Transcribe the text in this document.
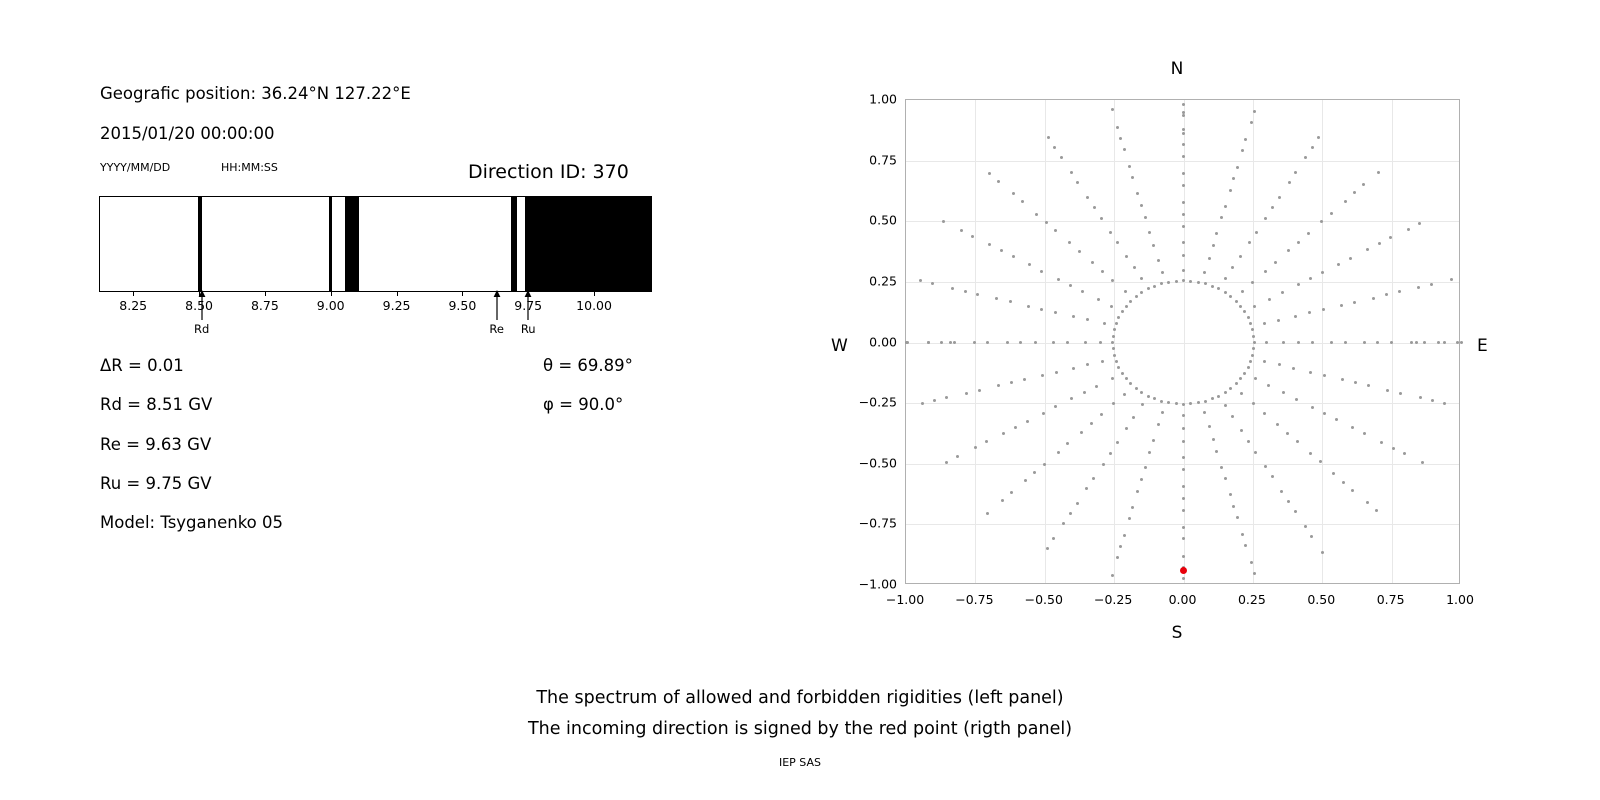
Geografic position: 36.24°N 127.22°E
2015/01/20 00:00:00
YYYY/MM/DD	HH:MM:SS	Direction ID: 370
8.25	8.50	8.75	9.00	9.25	9.50	9.75	10.00
Rd	Re Ru
ΔR = 0.01
Rd = 8.51 GV
Re = 9.63 GV
Ru = 9.75 GV
Model: Tsyganenko 05
θ = 69.89°
φ = 90.0°
−1.00 −0.75 −0.50 −0.25	0.00	0.25	0.50	0.75	1.00
−1.00
−0.75
−0.50
−0.25
0.00
0.25
0.50
0.75
1.00
N
S
W	E
The spectrum of allowed and forbidden rigidities (left panel)
The incoming direction is signed by the red point (rigth panel)
IEP SAS
